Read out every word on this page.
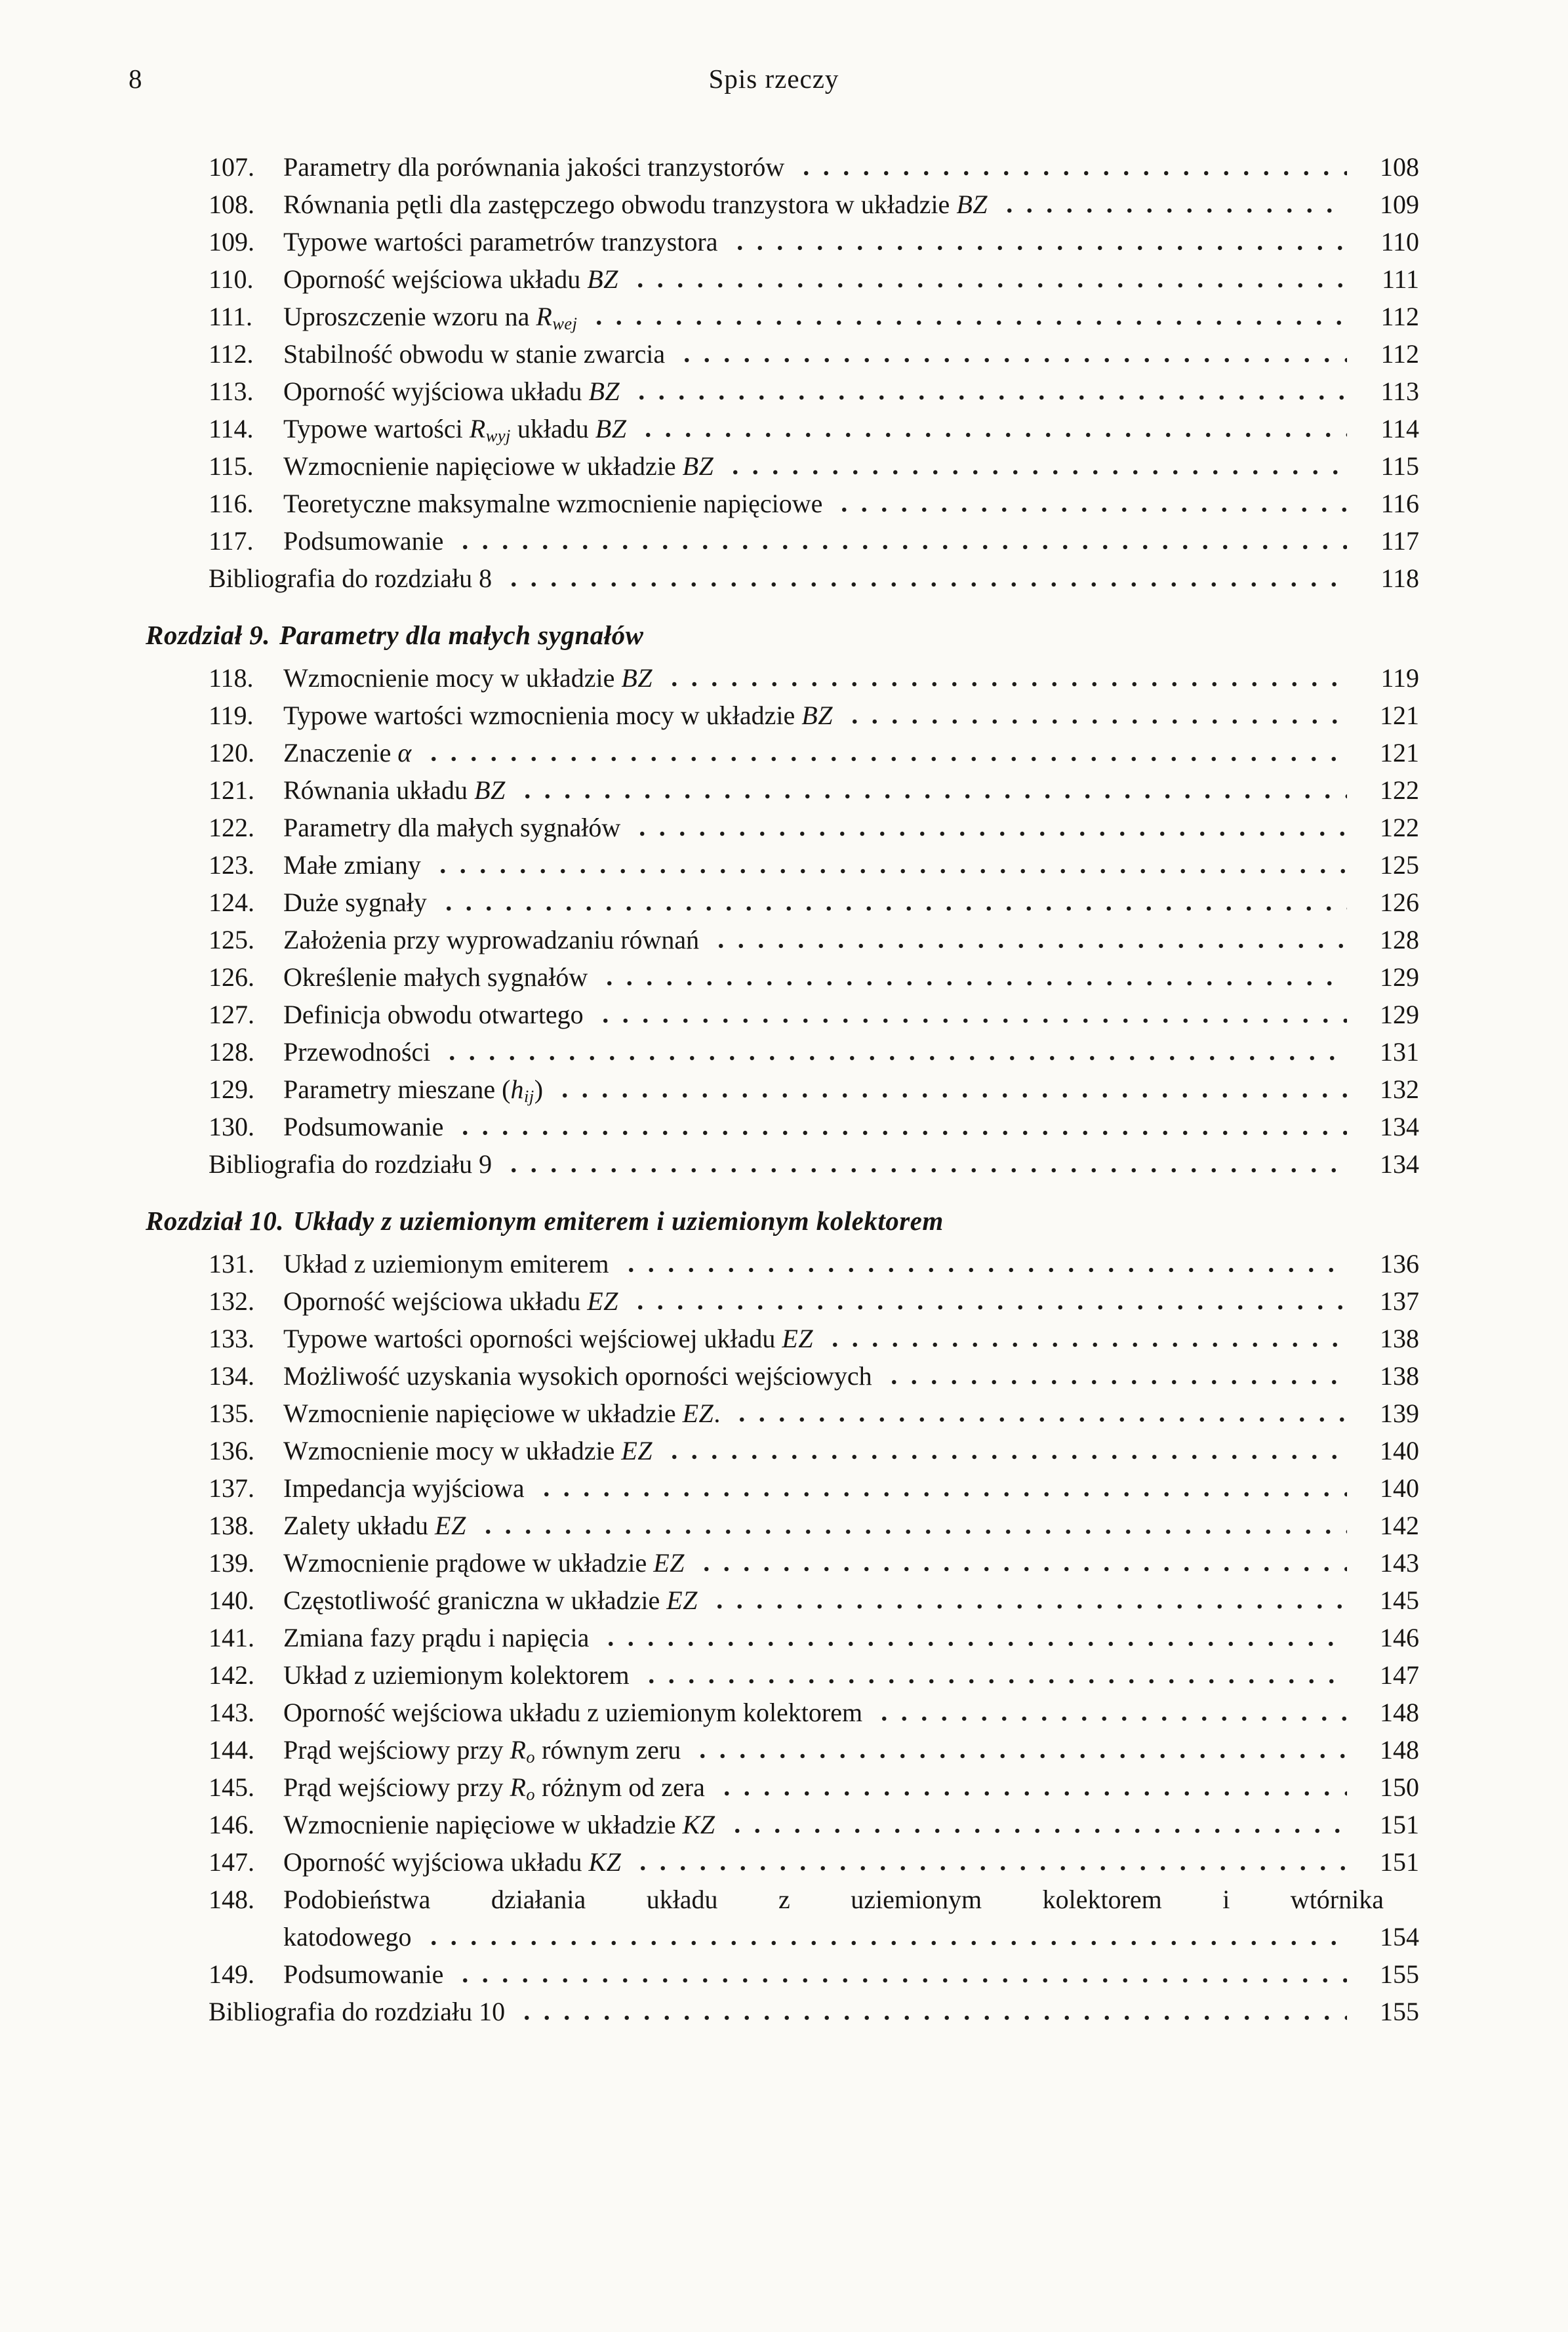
8	Spis rzeczy
107.	Parametry dla porównania jakości tranzystorów	108
108.	Równania pętli dla zastępczego obwodu tranzystora w układzie BZ	109
109.	Typowe wartości parametrów tranzystora	110
110.	Oporność wejściowa układu BZ	111
111.	Uproszczenie wzoru na $R_{wej}$	112
112.	Stabilność obwodu w stanie zwarcia	112
113.	Oporność wyjściowa układu BZ	113
114.	Typowe wartości $R_{wyj}$ układu BZ	114
115.	Wzmocnienie napięciowe w układzie BZ	115
116.	Teoretyczne maksymalne wzmocnienie napięciowe	116
117.	Podsumowanie	117
Bibliografia do rozdziału 8	118
Rozdział 9. Parametry dla małych sygnałów
118.	Wzmocnienie mocy w układzie BZ	119
119.	Typowe wartości wzmocnienia mocy w układzie BZ	121
120.	Znaczenie α	121
121.	Równania układu BZ	122
122.	Parametry dla małych sygnałów	122
123.	Małe zmiany	125
124.	Duże sygnały	126
125.	Założenia przy wyprowadzaniu równań	128
126.	Określenie małych sygnałów	129
127.	Definicja obwodu otwartego	129
128.	Przewodności	131
129.	Parametry mieszane $(h_{ij})$	132
130.	Podsumowanie	134
Bibliografia do rozdziału 9	134
Rozdział 10. Układy z uziemionym emiterem i uziemionym kolektorem
131.	Układ z uziemionym emiterem	136
132.	Oporność wejściowa układu EZ	137
133.	Typowe wartości oporności wejściowej układu EZ	138
134.	Możliwość uzyskania wysokich oporności wejściowych	138
135.	Wzmocnienie napięciowe w układzie EZ.	139
136.	Wzmocnienie mocy w układzie EZ	140
137.	Impedancja wyjściowa	140
138.	Zalety układu EZ	142
139.	Wzmocnienie prądowe w układzie EZ	143
140.	Częstotliwość graniczna w układzie EZ	145
141.	Zmiana fazy prądu i napięcia	146
142.	Układ z uziemionym kolektorem	147
143.	Oporność wejściowa układu z uziemionym kolektorem	148
144.	Prąd wejściowy przy $R_o$ równym zeru	148
145.	Prąd wejściowy przy $R_o$ różnym od zera	150
146.	Wzmocnienie napięciowe w układzie KZ	151
147.	Oporność wyjściowa układu KZ	151
148.	Podobieństwa działania układu z uziemionym kolektorem i wtórnika
katodowego	154
149.	Podsumowanie	155
Bibliografia do rozdziału 10	155
